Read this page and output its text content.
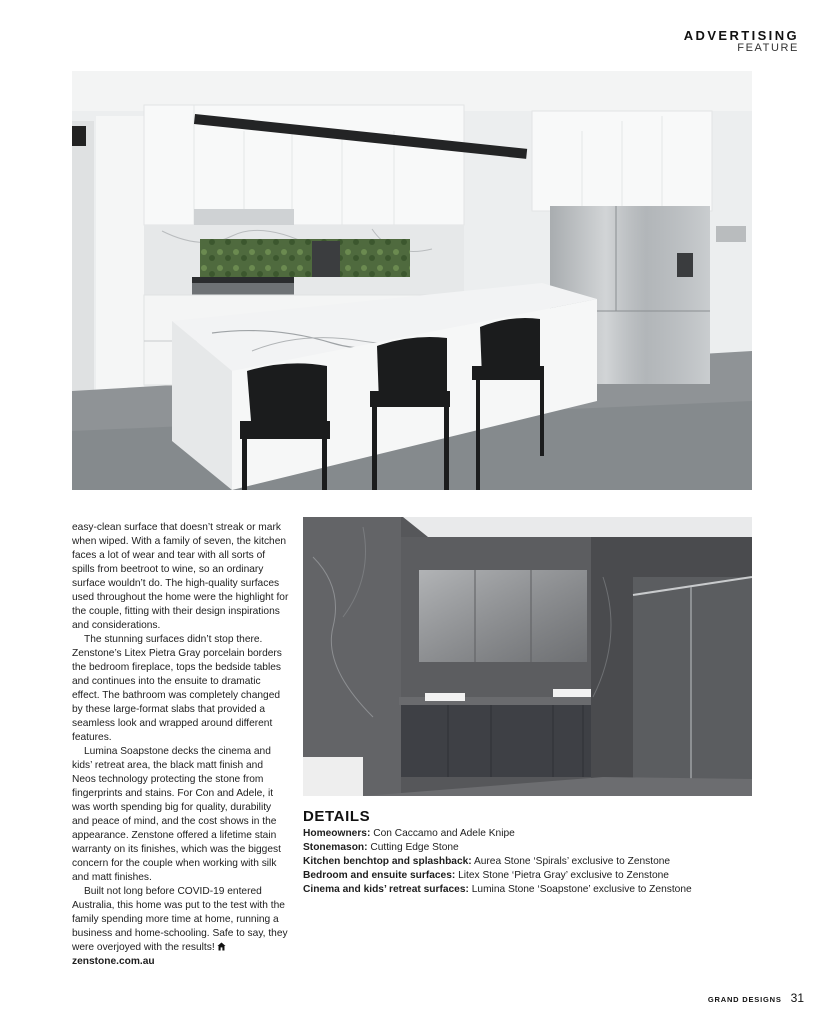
ADVERTISING
FEATURE

easy-clean surface that doesn’t streak or mark when wiped. With a family of seven, the kitchen faces a lot of wear and tear with all sorts of spills from beetroot to wine, so an ordinary surface wouldn’t do. The high-quality surfaces used throughout the home were the highlight for the couple, fitting with their design inspirations and considerations.

The stunning surfaces didn’t stop there. Zenstone’s Litex Pietra Gray porcelain borders the bedroom fireplace, tops the bedside tables and continues into the ensuite to dramatic effect. The bathroom was completely changed by these large-format slabs that provided a seamless look and wrapped around different features.

Lumina Soapstone decks the cinema and kids’ retreat area, the black matt finish and Neos technology protecting the stone from fingerprints and stains. For Con and Adele, it was worth spending big for quality, durability and peace of mind, and the cost shows in the appearance. Zenstone offered a lifetime stain warranty on its finishes, which was the biggest concern for the couple when working with silk and matt finishes.

Built not long before COVID-19 entered Australia, this home was put to the test with the family spending more time at home, running a business and home-schooling. Safe to say, they were overjoyed with the results!

zenstone.com.au

DETAILS
Homeowners: Con Caccamo and Adele Knipe
Stonemason: Cutting Edge Stone
Kitchen benchtop and splashback: Aurea Stone ‘Spirals’ exclusive to Zenstone
Bedroom and ensuite surfaces: Litex Stone ‘Pietra Gray’ exclusive to Zenstone
Cinema and kids’ retreat surfaces: Lumina Stone ‘Soapstone’ exclusive to Zenstone
GRAND DESIGNS 31
